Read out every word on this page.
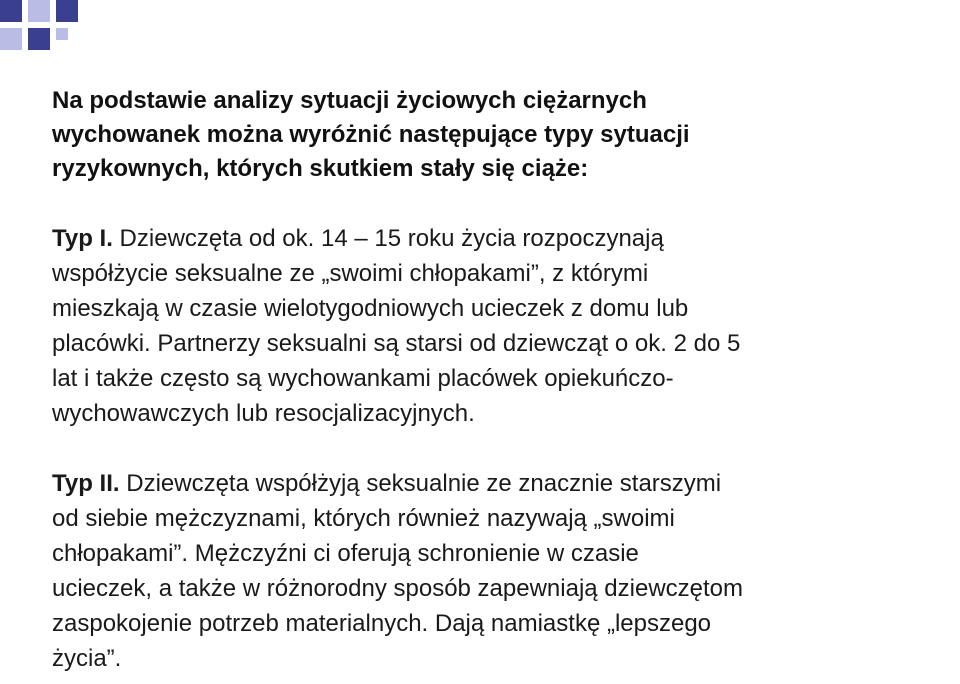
Na podstawie analizy sytuacji życiowych ciężarnych
wychowanek można wyróżnić następujące typy sytuacji
ryzykownych, których skutkiem stały się ciąże:

Typ I. Dziewczęta od ok. 14 – 15 roku życia rozpoczynają
współżycie seksualne ze „swoimi chłopakami”, z którymi
mieszkają w czasie wielotygodniowych ucieczek z domu lub
placówki. Partnerzy seksualni są starsi od dziewcząt o ok. 2 do 5
lat i także często są wychowankami placówek opiekuńczo-
wychowawczych lub resocjalizacyjnych.

Typ II. Dziewczęta współżyją seksualnie ze znacznie starszymi
od siebie mężczyznami, których również nazywają „swoimi
chłopakami”. Mężczyźni ci oferują schronienie w czasie
ucieczek, a także w różnorodny sposób zapewniają dziewczętom
zaspokojenie potrzeb materialnych. Dają namiastkę „lepszego
życia”.
